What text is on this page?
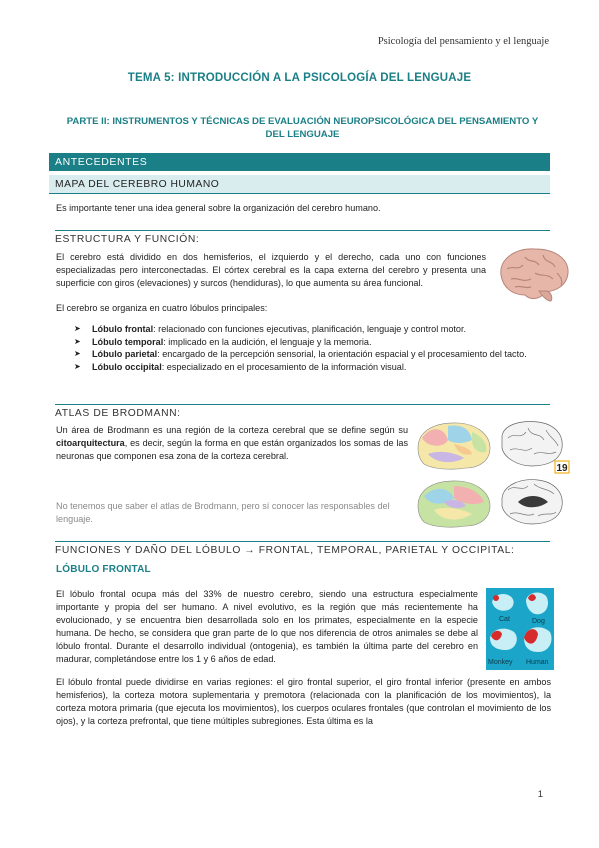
Psicología del pensamiento y el lenguaje
TEMA 5: INTRODUCCIÓN A LA PSICOLOGÍA DEL LENGUAJE
PARTE II: INSTRUMENTOS Y TÉCNICAS DE EVALUACIÓN NEUROPSICOLÓGICA DEL PENSAMIENTO Y DEL LENGUAJE
ANTECEDENTES
MAPA DEL CEREBRO HUMANO
Es importante tener una idea general sobre la organización del cerebro humano.
ESTRUCTURA Y FUNCIÓN:
El cerebro está dividido en dos hemisferios, el izquierdo y el derecho, cada uno con funciones especializadas pero interconectadas. El córtex cerebral es la capa externa del cerebro y presenta una superficie con giros (elevaciones) y surcos (hendiduras), lo que aumenta su área funcional.
El cerebro se organiza en cuatro lóbulos principales:
➤ Lóbulo frontal: relacionado con funciones ejecutivas, planificación, lenguaje y control motor.
➤ Lóbulo temporal: implicado en la audición, el lenguaje y la memoria.
➤ Lóbulo parietal: encargado de la percepción sensorial, la orientación espacial y el procesamiento del tacto.
➤ Lóbulo occipital: especializado en el procesamiento de la información visual.
ATLAS DE BRODMANN:
Un área de Brodmann es una región de la corteza cerebral que se define según su citoarquitectura, es decir, según la forma en que están organizados los somas de las neuronas que componen esa zona de la corteza cerebral.
No tenemos que saber el atlas de Brodmann, pero sí conocer las responsables del lenguaje.
19
FUNCIONES Y DAÑO DEL LÓBULO → FRONTAL, TEMPORAL, PARIETAL Y OCCIPITAL:
LÓBULO FRONTAL
El lóbulo frontal ocupa más del 33% de nuestro cerebro, siendo una estructura especialmente importante y propia del ser humano. A nivel evolutivo, es la región que más recientemente ha evolucionado, y se encuentra bien desarrollada solo en los primates, especialmente en la especie humana. De hecho, se considera que gran parte de lo que nos diferencia de otros animales se debe al lóbulo frontal. Durante el desarrollo individual (ontogenia), es también la última parte del cerebro en madurar, completándose entre los 1 y 6 años de edad.
Cat	Dog
Monkey Human
El lóbulo frontal puede dividirse en varias regiones: el giro frontal superior, el giro frontal inferior (presente en ambos hemisferios), la corteza motora suplementaria y premotora (relacionada con la planificación de los movimientos), la corteza motora primaria (que ejecuta los movimientos), los cuerpos oculares frontales (que controlan el movimiento de los ojos), y la corteza prefrontal, que tiene múltiples subregiones. Esta última es la
1
